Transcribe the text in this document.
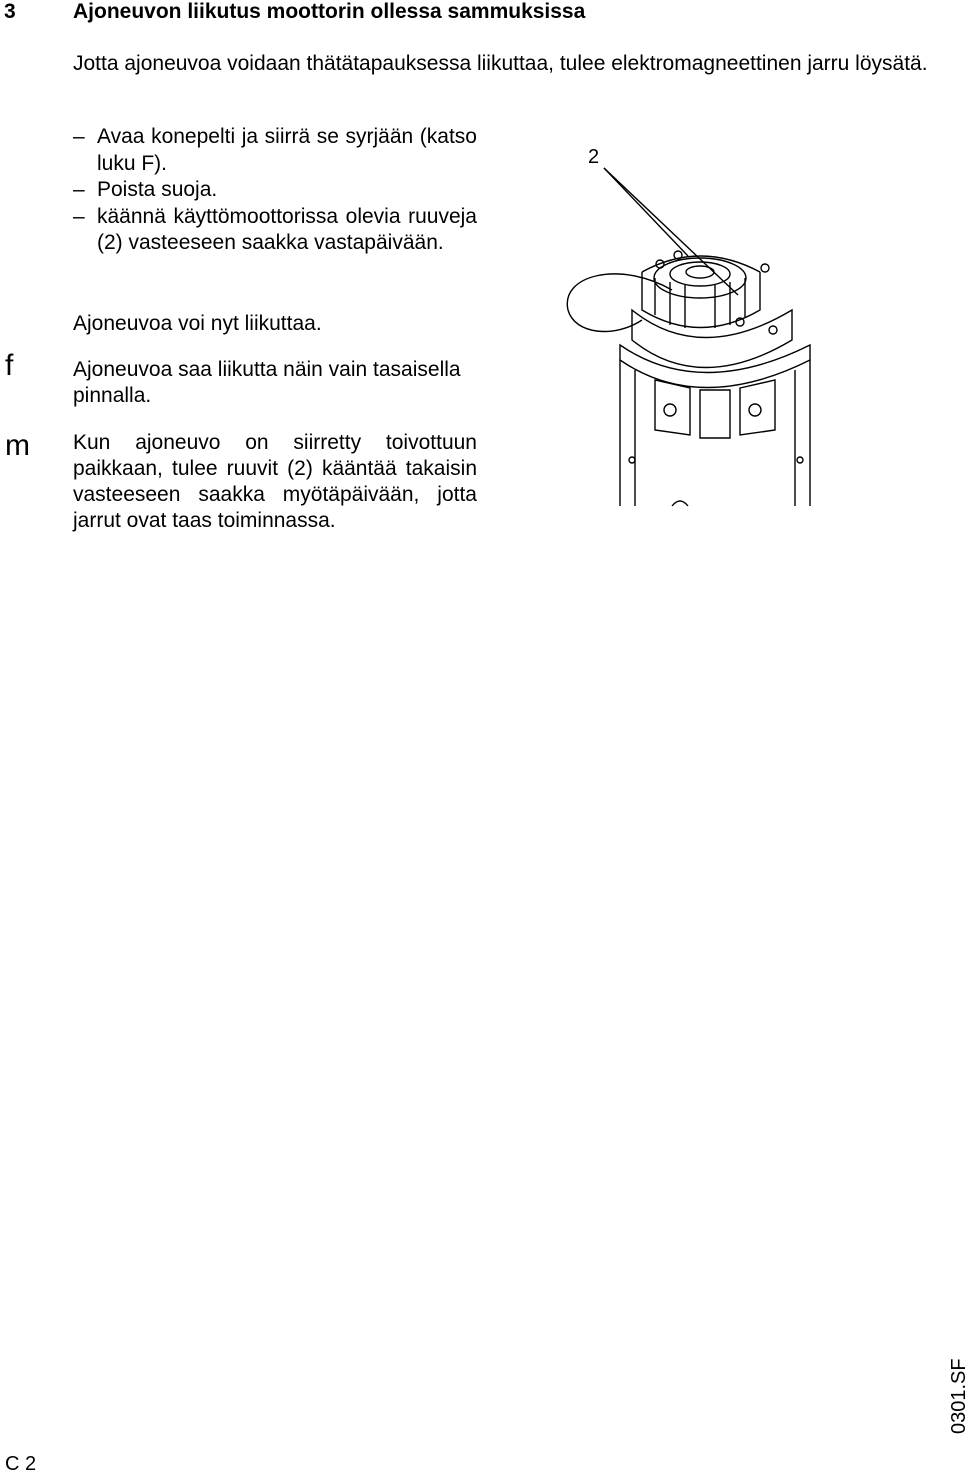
3	Ajoneuvon liikutus moottorin ollessa sammuksissa
Jotta ajoneuvoa voidaan thätätapauksessa liikuttaa, tulee elektromagneettinen jarru löysätä.
– Avaa konepelti ja siirrä se syrjään (katso luku F).
– Poista suoja.
– käännä käyttömoottorissa olevia ruuveja (2) vasteeseen saakka vastapäivään.
Ajoneuvoa voi nyt liikuttaa.
Ajoneuvoa saa liikutta näin vain tasaisella pinnalla.
Kun ajoneuvo on siirretty toivottuun paikkaan, tulee ruuvit (2) kääntää takaisin vasteeseen saakka myötäpäivään, jotta jarrut ovat taas toiminnassa.
f
m
2
C 2
0301.SF
